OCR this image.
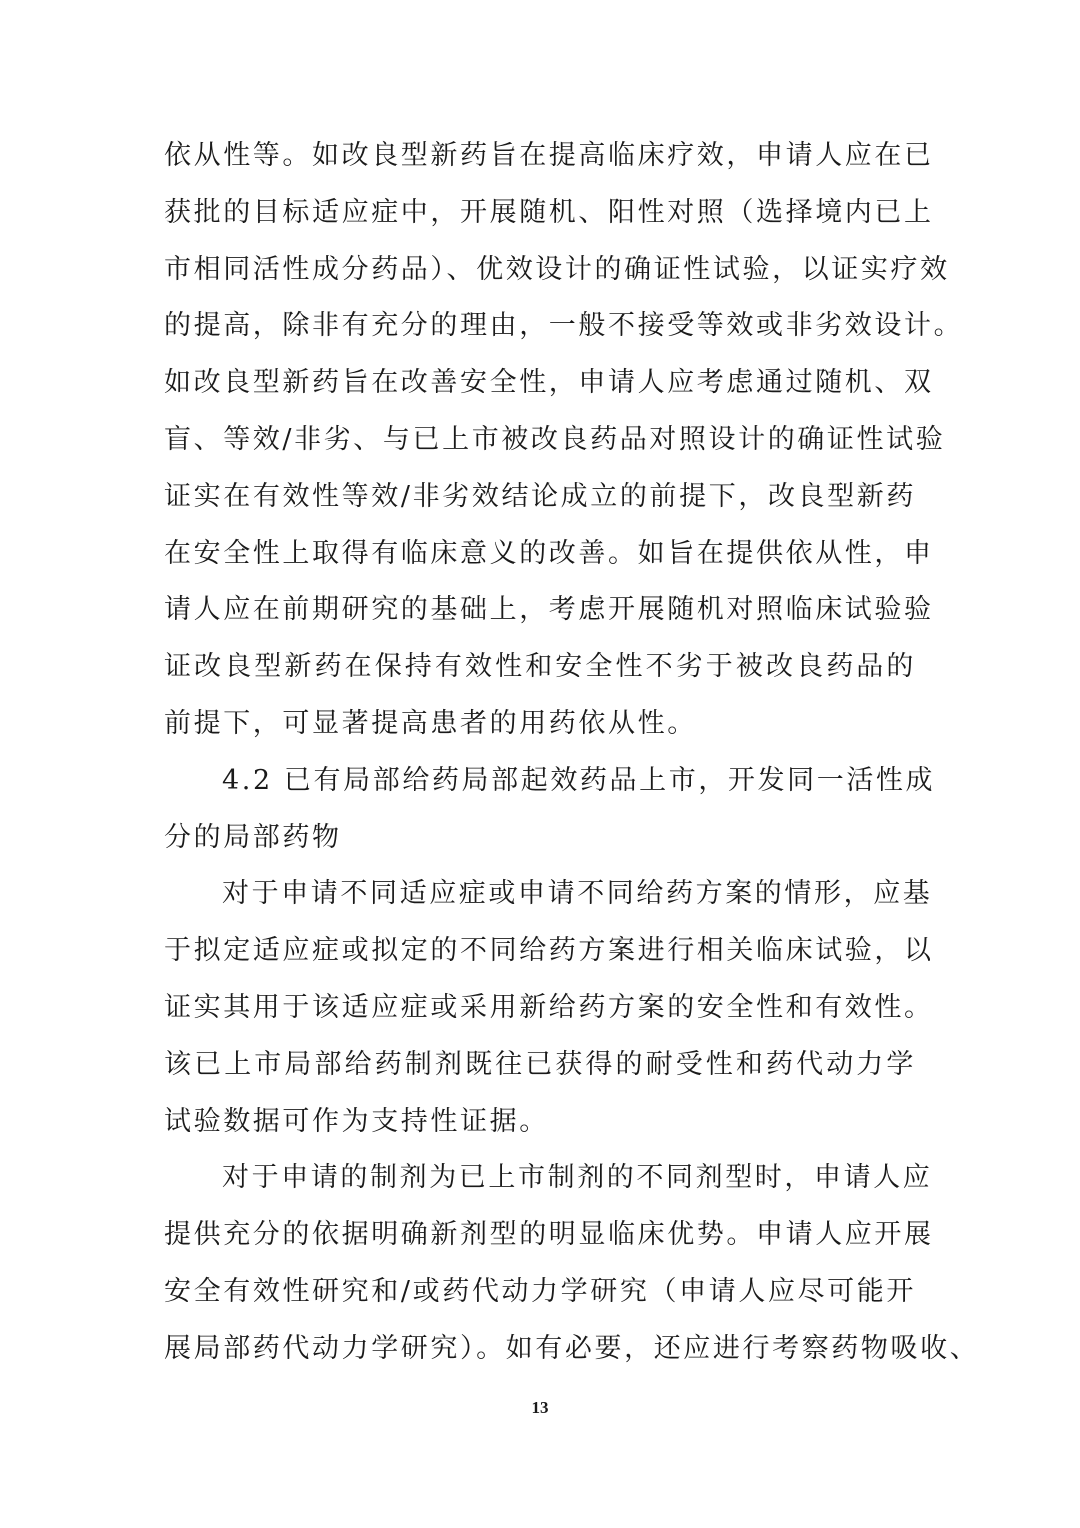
依从性等。如改良型新药旨在提高临床疗效，申请人应在已
获批的目标适应症中，开展随机、阳性对照（选择境内已上
市相同活性成分药品）、优效设计的确证性试验，以证实疗效
的提高，除非有充分的理由，一般不接受等效或非劣效设计。
如改良型新药旨在改善安全性，申请人应考虑通过随机、双
盲、等效/非劣、与已上市被改良药品对照设计的确证性试验
证实在有效性等效/非劣效结论成立的前提下，改良型新药
在安全性上取得有临床意义的改善。如旨在提供依从性，申
请人应在前期研究的基础上，考虑开展随机对照临床试验验
证改良型新药在保持有效性和安全性不劣于被改良药品的
前提下，可显著提高患者的用药依从性。
4.2 已有局部给药局部起效药品上市，开发同一活性成
分的局部药物
对于申请不同适应症或申请不同给药方案的情形，应基
于拟定适应症或拟定的不同给药方案进行相关临床试验，以
证实其用于该适应症或采用新给药方案的安全性和有效性。
该已上市局部给药制剂既往已获得的耐受性和药代动力学
试验数据可作为支持性证据。
对于申请的制剂为已上市制剂的不同剂型时，申请人应
提供充分的依据明确新剂型的明显临床优势。申请人应开展
安全有效性研究和/或药代动力学研究（申请人应尽可能开
展局部药代动力学研究）。如有必要，还应进行考察药物吸收、
13
